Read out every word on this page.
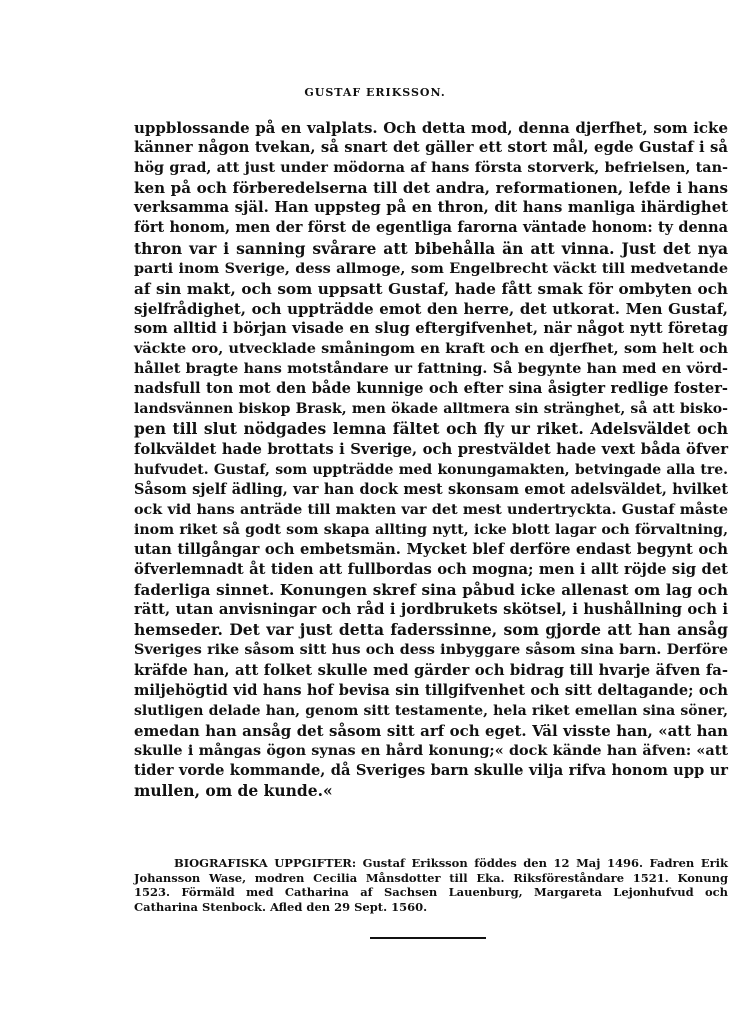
GUSTAF ERIKSSON.
uppblossande på en valplats. Och detta mod, denna djerfhet, som icke
känner någon tvekan, så snart det gäller ett stort mål, egde Gustaf i så
hög grad, att just under mödorna af hans första storverk, befrielsen, tan-
ken på och förberedelserna till det andra, reformationen, lefde i hans
verksamma själ. Han uppsteg på en thron, dit hans manliga ihärdighet
fört honom, men der först de egentliga farorna väntade honom: ty denna
thron var i sanning svårare att bibehålla än att vinna. Just det nya
parti inom Sverige, dess allmoge, som Engelbrecht väckt till medvetande
af sin makt, och som uppsatt Gustaf, hade fått smak för ombyten och
sjelfrådighet, och uppträdde emot den herre, det utkorat. Men Gustaf,
som alltid i början visade en slug eftergifvenhet, när något nytt företag
väckte oro, utvecklade småningom en kraft och en djerfhet, som helt och
hållet bragte hans motståndare ur fattning. Så begynte han med en vörd-
nadsfull ton mot den både kunnige och efter sina åsigter redlige foster-
landsvännen biskop Brask, men ökade alltmera sin stränghet, så att bisko-
pen till slut nödgades lemna fältet och fly ur riket. Adelsväldet och
folkväldet hade brottats i Sverige, och prestväldet hade vext båda öfver
hufvudet. Gustaf, som uppträdde med konungamakten, betvingade alla tre.
Såsom sjelf ädling, var han dock mest skonsam emot adelsväldet, hvilket
ock vid hans anträde till makten var det mest undertryckta. Gustaf måste
inom riket så godt som skapa allting nytt, icke blott lagar och förvaltning,
utan tillgångar och embetsmän. Mycket blef derföre endast begynt och
öfverlemnadt åt tiden att fullbordas och mogna; men i allt röjde sig det
faderliga sinnet. Konungen skref sina påbud icke allenast om lag och
rätt, utan anvisningar och råd i jordbrukets skötsel, i hushållning och i
hemseder. Det var just detta faderssinne, som gjorde att han ansåg
Sveriges rike såsom sitt hus och dess inbyggare såsom sina barn. Derföre
kräfde han, att folket skulle med gärder och bidrag till hvarje äfven fa-
miljehögtid vid hans hof bevisa sin tillgifvenhet och sitt deltagande; och
slutligen delade han, genom sitt testamente, hela riket emellan sina söner,
emedan han ansåg det såsom sitt arf och eget. Väl visste han, «att han
skulle i mångas ögon synas en hård konung;« dock kände han äfven: «att
tider vorde kommande, då Sveriges barn skulle vilja rifva honom upp ur
mullen, om de kunde.«
BIOGRAFISKA UPPGIFTER: Gustaf Eriksson föddes den 12 Maj 1496. Fadren Erik
Johansson Wase, modren Cecilia Månsdotter till Eka. Riksföreståndare 1521. Konung
1523. Förmäld med Catharina af Sachsen Lauenburg, Margareta Lejonhufvud och
Catharina Stenbock. Afled den 29 Sept. 1560.
